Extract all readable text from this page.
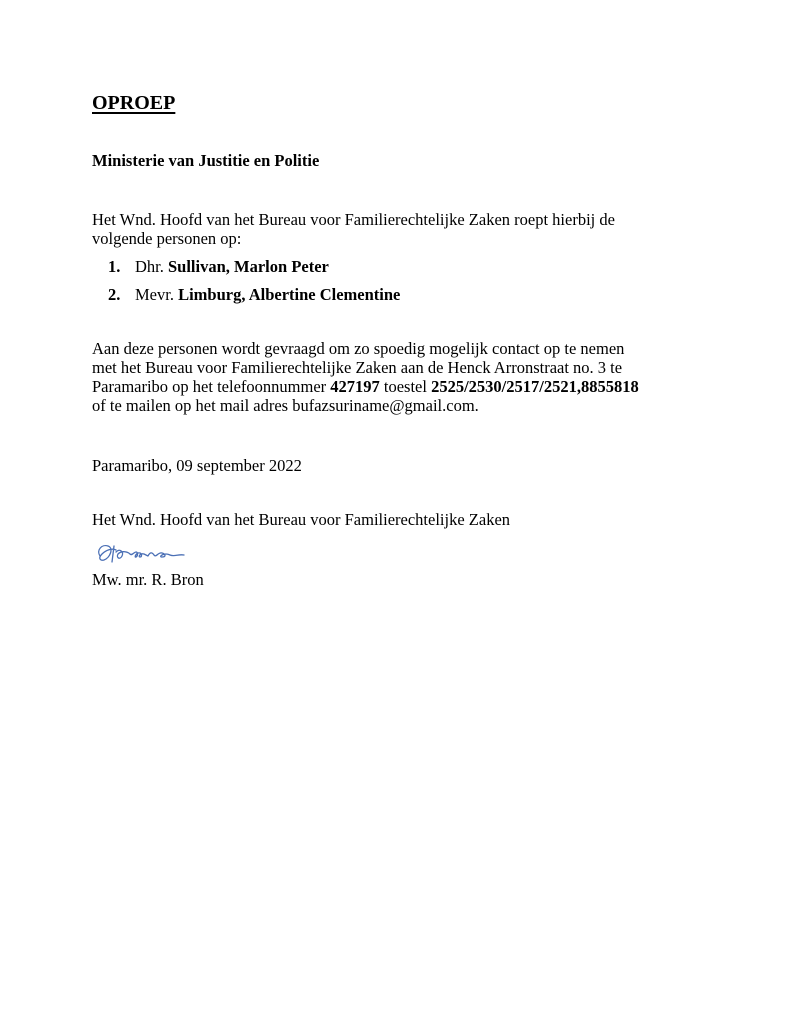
OPROEP
Ministerie van Justitie en Politie
Het Wnd. Hoofd van het Bureau voor Familierechtelijke Zaken roept hierbij de
volgende personen op:
1. Dhr. Sullivan, Marlon Peter
2. Mevr. Limburg, Albertine Clementine
Aan deze personen wordt gevraagd om zo spoedig mogelijk contact op te nemen
met het Bureau voor Familierechtelijke Zaken aan de Henck Arronstraat no. 3 te
Paramaribo op het telefoonnummer 427197 toestel 2525/2530/2517/2521,8855818
of te mailen op het mail adres bufazsuriname@gmail.com.
Paramaribo, 09 september 2022
Het Wnd. Hoofd van het Bureau voor Familierechtelijke Zaken
Mw. mr. R. Bron
